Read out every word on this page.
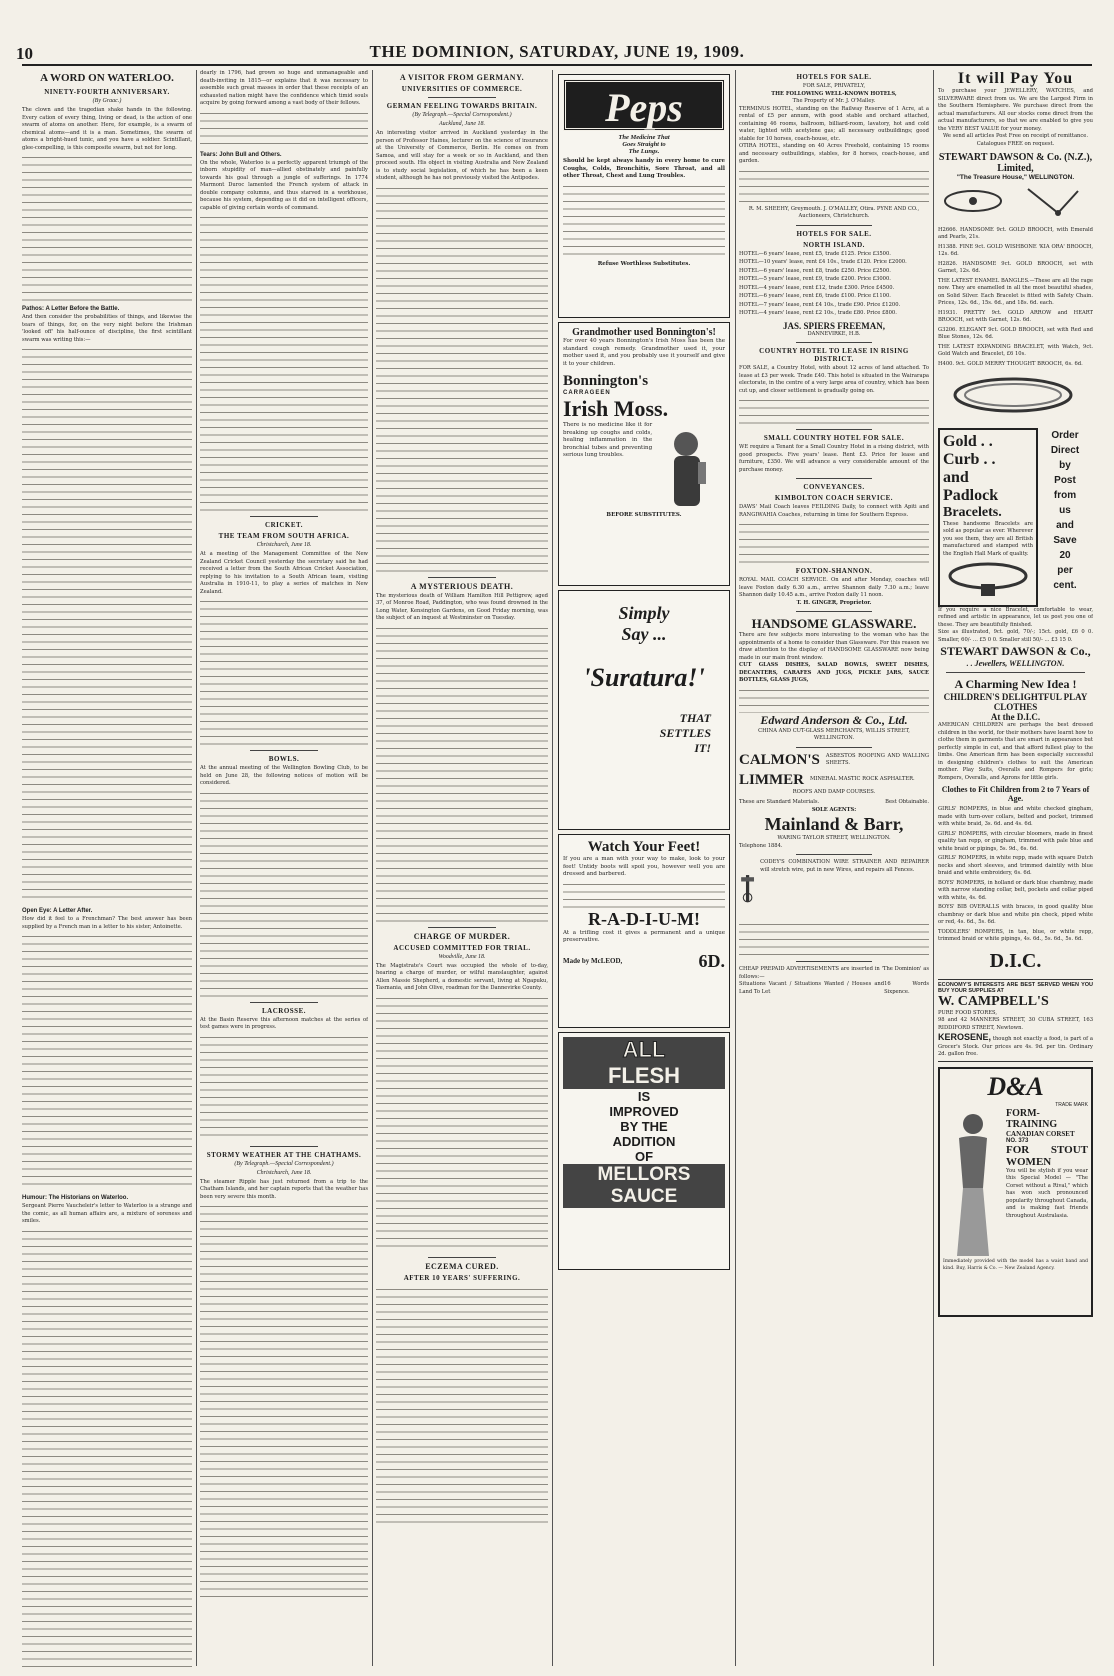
10	THE DOMINION, SATURDAY, JUNE 19, 1909.
A WORD ON WATERLOO.
NINETY-FOURTH ANNIVERSARY.
(By Graac.)

The clown and the tragedian shake hands in the following. Every cation of every thing, living or dead, is the action of one swarm of atoms on another. Here, for example, is a swarm of chemical atoms—and it is a man. Sometimes, the swarm of atoms a bright-hued tunic, and you have a soldier. Scintillant, glee-compelling, is this composite swarm, but not for long.

Pathos: A Letter Before the Battle.

And then consider the probabilities of things, and likewise the tears of things, for, on the very night before the Irishman 'looked off' his half-ounce of discipline, the first scintillant swarm was writing this:—

Open Eye: A Letter After.

How did it feel to a Frenchman? The best answer has been supplied by a French man in a letter to his sister, Antoinette.

Humour: The Historians on Waterloo.

Sergeant Pierre Vaucheleir's letter to Waterloo is a strange and the comic, as all human affairs are, a mixture of soreness and smiles.

dearly in 1796, had grown so huge and unmanageable and death-inviting in 1815—or explains that it was necessary to assemble such great masses in order that these receipts of an exhausted nation might have the confidence which timid souls acquire by going forward among a vast body of their fellows.

Tears: John Bull and Others.

On the whole, Waterloo is a perfectly apparent triumph of the inborn stupidity of man—allied obstinately and painfully towards his goal through a jungle of sufferings. In 1774 Marmont Duroc lamented the French system of attack in double company columns, and thus starved in a workhouse, because his system, depending as it did on intelligent officers, capable of giving certain words of command.

CRICKET.
THE TEAM FROM SOUTH AFRICA.
Christchurch, June 18.

At a meeting of the Management Committee of the New Zealand Cricket Council yesterday the secretary said he had received a letter from the South African Cricket Association, replying to his invitation to a South African team, visiting Australia in 1910-11, to play a series of matches in New Zealand.

BOWLS.

At the annual meeting of the Wellington Bowling Club, to be held on June 28, the following notices of motion will be considered.

LACROSSE.

At the Basin Reserve this afternoon matches at the series of test games were in progress.

STORMY WEATHER AT THE CHATHAMS.
(By Telegraph.—Special Correspondent.)
Christchurch, June 18.

The steamer Ripple has just returned from a trip to the Chatham Islands, and her captain reports that the weather has been very severe this month.

A VISITOR FROM GERMANY.
UNIVERSITIES OF COMMERCE.
GERMAN FEELING TOWARDS BRITAIN.
(By Telegraph.—Special Correspondent.)
Auckland, June 18.

An interesting visitor arrived in Auckland yesterday in the person of Professor Haines, lecturer on the science of insurance at the University of Commerce, Berlin. He comes on from Samoa, and will stay for a week or so in Auckland, and then proceed south. His object in visiting Australia and New Zealand is to study social legislation, of which he has been a keen student, although he has not previously visited the Antipodes.

A MYSTERIOUS DEATH.

The mysterious death of William Hamilton Hill Pettigrew, aged 37, of Monroe Road, Paddington, who was found drowned in the Long Water, Kensington Gardens, on Good Friday morning, was the subject of an inquest at Westminster on Tuesday.

CHARGE OF MURDER.
ACCUSED COMMITTED FOR TRIAL.
Woodville, June 18.

The Magistrate's Court was occupied the whole of to-day, hearing a charge of murder, or wilful manslaughter, against Allen Massie Shepherd, a domestic servant, living at Ngapuku, Tasmania, and John Olive, roadman for the Dannevirke County.

ECZEMA CURED.
AFTER 10 YEARS' SUFFERING.
Peps
The Medicine That
Goes Straight to
The Lungs.

Should be kept always handy in every home to cure Coughs, Colds, Bronchitis, Sore Throat, and all other Throat, Chest and Lung Troubles.

Refuse Worthless Substitutes.
Grandmother used Bonnington's!

For over 40 years Bonnington's Irish Moss has been the standard cough remedy. Grandmother used it, your mother used it, and you probably use it yourself and give it to your children.

Bonnington's
CARRAGEEN
Irish Moss.

There is no medicine like it for breaking up coughs and colds, healing inflammation in the bronchial tubes and preventing serious lung troubles.

BEFORE SUBSTITUTES.
Simply
Say ...
'Suratura!'
THAT
SETTLES
IT!
Watch Your Feet!

If you are a man with your way to make, look to your feet! Untidy boots will spoil you, however well you are dressed and barbered.

R-A-D-I-U-M!

At a trifling cost it gives a permanent and a unique preservative.

Made by McLEOD,	6D.
ALL
FLESH
IS
IMPROVED
BY THE
ADDITION
OF
MELLORS
SAUCE
HOTELS FOR SALE.
FOR SALE, PRIVATELY,
THE FOLLOWING WELL-KNOWN HOTELS,
The Property of Mr. J. O'Malley.

TERMINUS HOTEL, standing on the Railway Reserve of 1 Acre, at a rental of £5 per annum, with good stable and orchard attached, containing 46 rooms, ballroom, billiard-room, lavatory, hot and cold water, lighted with acetylene gas; all necessary outbuildings; good stable for 10 horses, coach-house, etc.

OTIRA HOTEL, standing on 40 Acres Freehold, containing 15 rooms and necessary outbuildings, stables, for 8 horses, coach-house, and garden.

R. M. SHEEHY, Greymouth. J. O'MALLEY, Otira. PYNE AND CO., Auctioneers, Christchurch.

HOTELS FOR SALE.
NORTH ISLAND.
HOTEL—6 years' lease, rent £5, trade £125. Price £3500.
HOTEL—10 years' lease, rent £4 10s., trade £120. Price £2000.
HOTEL—6 years' lease, rent £8, trade £250. Price £2500.
HOTEL—5 years' lease, rent £9, trade £200. Price £3000.
HOTEL—4 years' lease, rent £12, trade £300. Price £4500.
HOTEL—6 years' lease, rent £6, trade £100. Price £1100.
HOTEL—7 years' lease, rent £4 10s., trade £90. Price £1200.
HOTEL—4 years' lease, rent £2 10s., trade £80. Price £800.
JAS. SPIERS FREEMAN,
DANNEVIRKE, H.B.
COUNTRY HOTEL TO LEASE IN RISING DISTRICT.

FOR SALE, a Country Hotel, with about 12 acres of land attached. To lease at £3 per week. Trade £40. This hotel is situated in the Wairarapa electorate, in the centre of a very large area of country, which has been cut up, and closer settlement is gradually going on.

SMALL COUNTRY HOTEL FOR SALE.

WE require a Tenant for a Small Country Hotel in a rising district, with good prospects. Five years' lease. Rent £3. Price for lease and furniture, £350. We will advance a very considerable amount of the purchase money.

CONVEYANCES.
KIMBOLTON COACH SERVICE.

DAWS' Mail Coach leaves FEILDING Daily, to connect with Apiti and RANGIWAHIA Coaches, returning in time for Southern Express.

FOXTON-SHANNON.

ROYAL MAIL COACH SERVICE. On and after Monday, coaches will leave Foxton daily 6.30 a.m., arrive Shannon daily 7.30 a.m.; leave Shannon daily 10.45 a.m., arrive Foxton daily 11 noon.

T. H. GINGER, Proprietor.
HANDSOME GLASSWARE.

There are few subjects more interesting to the woman who has the appointments of a home to consider than Glassware. For this reason we draw attention to the display of HANDSOME GLASSWARE now being made in our main front window.

CUT GLASS DISHES, SALAD BOWLS, SWEET DISHES, DECANTERS, CARAFES AND JUGS, PICKLE JARS, SAUCE BOTTLES, GLASS JUGS,

Edward Anderson & Co., Ltd.
CHINA AND CUT-GLASS MERCHANTS, WILLIS STREET, WELLINGTON.
CALMON'S ASBESTOS ROOFING AND WALLING SHEETS.
LIMMER MINERAL MASTIC ROCK ASPHALTER.
ROOFS AND DAMP COURSES.
These are Standard Materials.	Best Obtainable.
SOLE AGENTS:
Mainland & Barr,
WARING TAYLOR STREET, WELLINGTON.
Telephone 1884.

CODEY'S COMBINATION WIRE STRAINER AND REPAIRER will stretch wire, put in new Wires, and repairs all Fences.

CHEAP PREPAID ADVERTISEMENTS are inserted in 'The Dominion' as follows:—

Situations Vacant / Situations Wanted / Houses and Land To Let
16 Words Sixpence.
It will Pay You

To purchase your JEWELLERY, WATCHES, and SILVERWARE direct from us. We are the Largest Firm in the Southern Hemisphere. We purchase direct from the actual manufacturers. All our stocks come direct from the actual manufacturers, so that we are enabled to give you the VERY BEST VALUE for your money.

We send all articles Post Free on receipt of remittance. Catalogues FREE on request.

STEWART DAWSON & Co. (N.Z.), Limited,
"The Treasure House," WELLINGTON.
H2666. HANDSOME 9ct. GOLD BROOCH, with Emerald and Pearls, 21s.
H1388. FINE 9ct. GOLD WISHBONE 'KIA ORA' BROOCH, 12s. 6d.
H2826. HANDSOME 9ct. GOLD BROOCH, set with Garnet, 12s. 6d.
THE LATEST ENAMEL BANGLES.—These are all the rage now. They are enamelled in all the most beautiful shades, on Solid Silver. Each Bracelet is fitted with Safety Chain. Prices, 12s. 6d., 15s. 6d., and 18s. 6d. each.
H1931. PRETTY 9ct. GOLD ARROW and HEART BROOCH, set with Garnet, 12s. 6d.
G3206. ELEGANT 9ct. GOLD BROOCH, set with Red and Blue Stones, 12s. 6d.
THE LATEST EXPANDING BRACELET, with Watch, 9ct. Gold Watch and Bracelet, £6 10s.
H400. 9ct. GOLD MERRY THOUGHT BROOCH, 6s. 6d.
Gold . .
Curb . .
and
Padlock
Bracelets.

These handsome Bracelets are sold as popular as ever. Wherever you see them, they are all British manufactured and stamped with the English Hall Mark of quality.

Order
Direct
by
Post
from
us
and
Save
20
per
cent.

If you require a nice Bracelet, comfortable to wear, refined and artistic in appearance, let us post you one of these. They are beautifully finished.

Size as illustrated, 9ct. gold, 70/-; 15ct. gold, £6 0 0. Smaller, 60/- ... £5 0 0. Smaller still 50/- ... £3 15 0.

STEWART DAWSON & Co.,
. . Jewellers, WELLINGTON.
A Charming New Idea !
CHILDREN'S DELIGHTFUL PLAY CLOTHES
At the D.I.C.

AMERICAN CHILDREN are perhaps the best dressed children in the world, for their mothers have learnt how to clothe them in garments that are smart in appearance but perfectly simple in cut, and that afford fullest play to the limbs. One American firm has been especially successful in designing children's clothes to suit the American mother. Play Suits, Overalls and Rompers for girls; Rompers, Overalls, and Aprons for little girls.

Clothes to Fit Children from 2 to 7 Years of Age.
GIRLS' ROMPERS, in blue and white checked gingham, made with turn-over collars, belted and pocket, trimmed with white braid, 3s. 6d. and 4s. 6d.
GIRLS' ROMPERS, with circular bloomers, made in finest quality tan repp, or gingham, trimmed with pale blue and white braid or pipings, 5s. 9d., 6s. 6d.
GIRLS' ROMPERS, in white repp, made with square Dutch necks and short sleeves, and trimmed daintily with blue braid and white embroidery, 6s. 6d.
BOYS' ROMPERS, in holland or dark blue chambray, made with narrow standing collar, belt, pockets and collar piped with white, 4s. 6d.
BOYS' BIB OVERALLS with braces, in good quality blue chambray or dark blue and white pin check, piped white or red, 4s. 6d., 5s. 6d.
TODDLERS' ROMPERS, in tan, blue, or white repp, trimmed braid or white pipings, 4s. 6d., 5s. 6d., 5s. 6d.
D.I.C.
ECONOMY'S INTERESTS ARE BEST SERVED WHEN YOU BUY YOUR SUPPLIES AT
W. CAMPBELL'S
PURE FOOD STORES,

98 and 42 MANNERS STREET, 30 CUBA STREET, 163 RIDDIFORD STREET, Newtown.

KEROSENE, though not exactly a food, is part of a Grocer's Stock. Our prices are 4s. 9d. per tin. Ordinary 2d. gallon free.
D&A
TRADE MARK
FORM-TRAINING
CANADIAN CORSET
NO. 373
FOR STOUT WOMEN

You will be stylish if you wear this Special Model — "The Corset without a Rival," which has won such pronounced popularity throughout Canada, and is making fast friends throughout Australasia.

Immediately provided with the model has a waist band and kind. Buy, Harris & Co. — New Zealand Agency.
